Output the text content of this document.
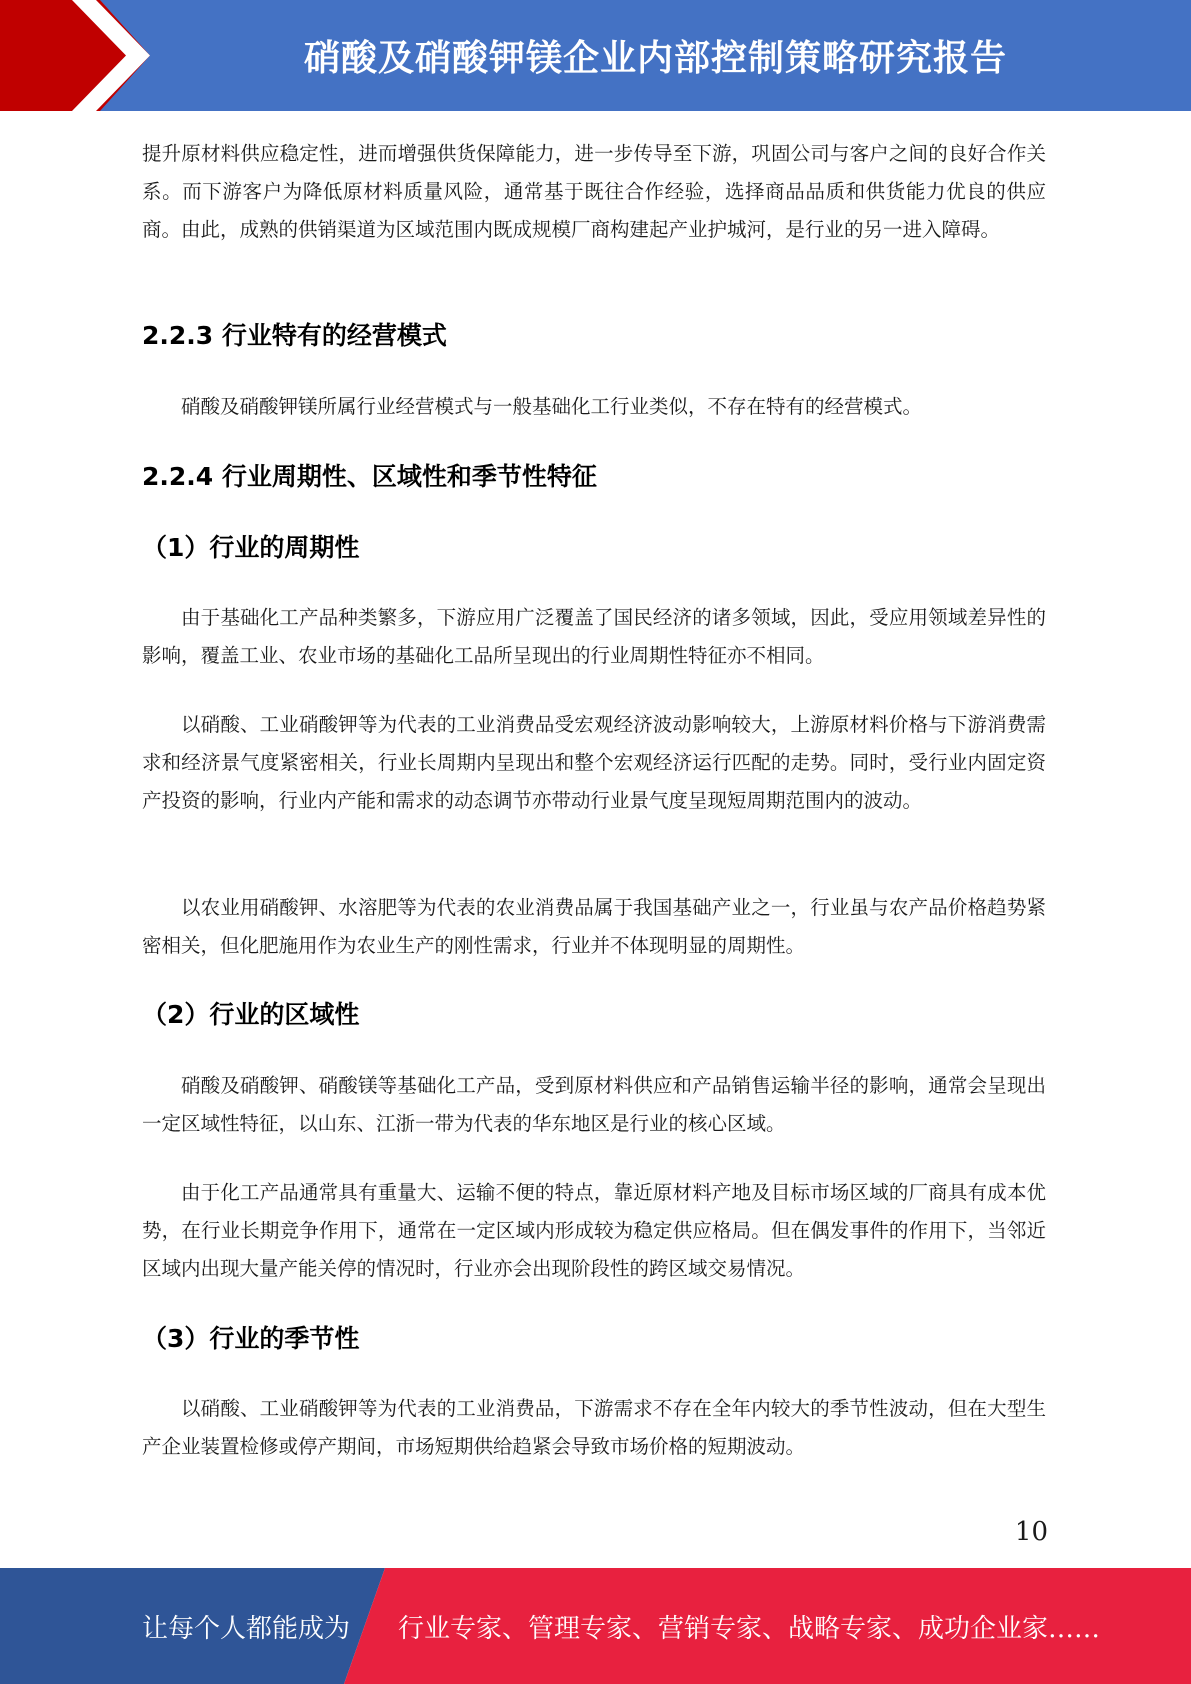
硝酸及硝酸钾镁企业内部控制策略研究报告

提升原材料供应稳定性，进而增强供货保障能力，进一步传导至下游，巩固公司与客户之间的良好合作关系。而下游客户为降低原材料质量风险，通常基于既往合作经验，选择商品品质和供货能力优良的供应商。由此，成熟的供销渠道为区域范围内既成规模厂商构建起产业护城河，是行业的另一进入障碍。

2.2.3 行业特有的经营模式

硝酸及硝酸钾镁所属行业经营模式与一般基础化工行业类似，不存在特有的经营模式。

2.2.4 行业周期性、区域性和季节性特征
（1）行业的周期性

由于基础化工产品种类繁多，下游应用广泛覆盖了国民经济的诸多领域，因此，受应用领域差异性的影响，覆盖工业、农业市场的基础化工品所呈现出的行业周期性特征亦不相同。

以硝酸、工业硝酸钾等为代表的工业消费品受宏观经济波动影响较大，上游原材料价格与下游消费需求和经济景气度紧密相关，行业长周期内呈现出和整个宏观经济运行匹配的走势。同时，受行业内固定资产投资的影响，行业内产能和需求的动态调节亦带动行业景气度呈现短周期范围内的波动。

以农业用硝酸钾、水溶肥等为代表的农业消费品属于我国基础产业之一，行业虽与农产品价格趋势紧密相关，但化肥施用作为农业生产的刚性需求，行业并不体现明显的周期性。

（2）行业的区域性

硝酸及硝酸钾、硝酸镁等基础化工产品，受到原材料供应和产品销售运输半径的影响，通常会呈现出一定区域性特征，以山东、江浙一带为代表的华东地区是行业的核心区域。

由于化工产品通常具有重量大、运输不便的特点，靠近原材料产地及目标市场区域的厂商具有成本优势，在行业长期竞争作用下，通常在一定区域内形成较为稳定供应格局。但在偶发事件的作用下，当邻近区域内出现大量产能关停的情况时，行业亦会出现阶段性的跨区域交易情况。

（3）行业的季节性

以硝酸、工业硝酸钾等为代表的工业消费品，下游需求不存在全年内较大的季节性波动，但在大型生产企业装置检修或停产期间，市场短期供给趋紧会导致市场价格的短期波动。

10
让每个人都能成为 行业专家、管理专家、营销专家、战略专家、成功企业家……
